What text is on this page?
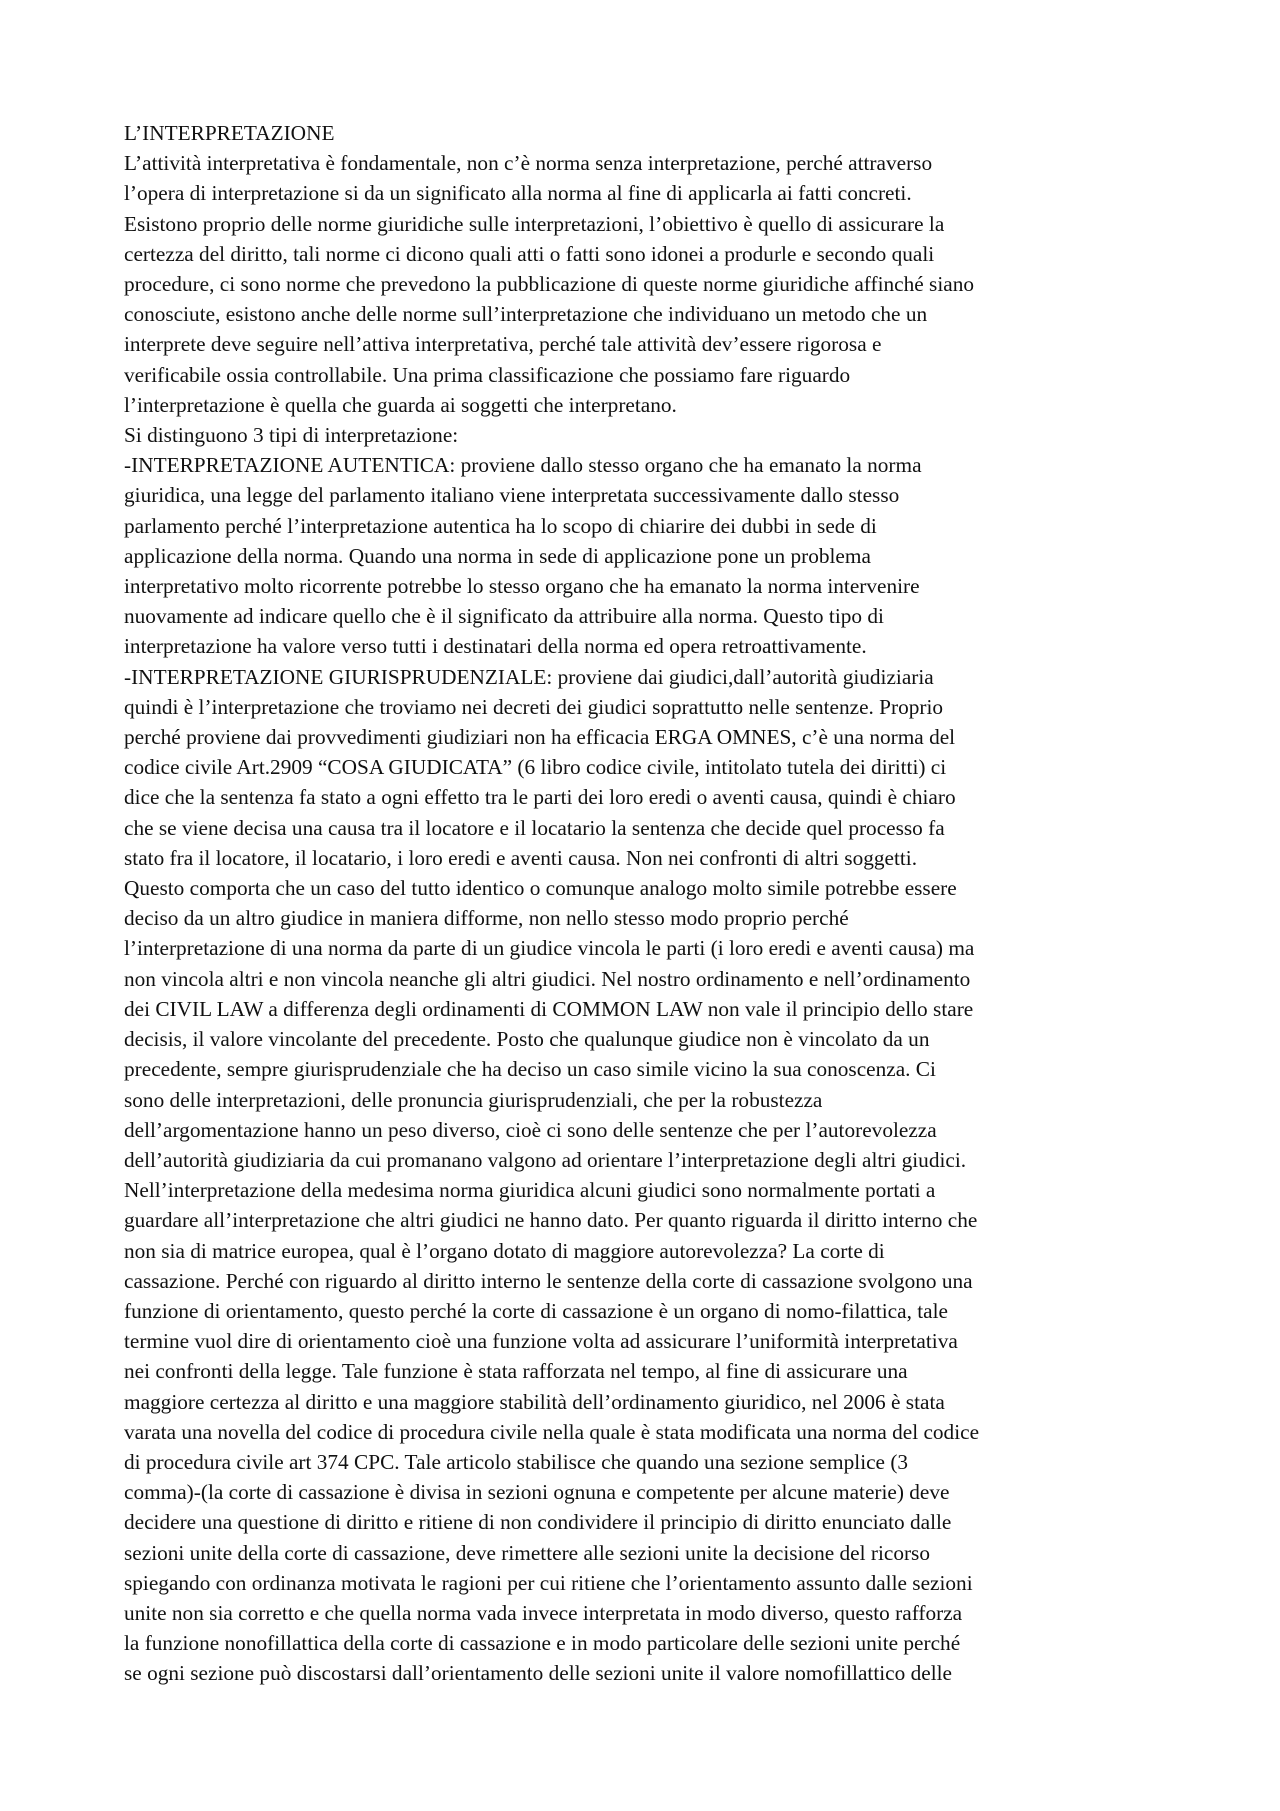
L’INTERPRETAZIONE
L’attività interpretativa è fondamentale, non c’è norma senza interpretazione, perché attraverso
l’opera di interpretazione si da un significato alla norma al fine di applicarla ai fatti concreti.
Esistono proprio delle norme giuridiche sulle interpretazioni, l’obiettivo è quello di assicurare la
certezza del diritto, tali norme ci dicono quali atti o fatti sono idonei a produrle e secondo quali
procedure, ci sono norme che prevedono la pubblicazione di queste norme giuridiche affinché siano
conosciute, esistono anche delle norme sull’interpretazione che individuano un metodo che un
interprete deve seguire nell’attiva interpretativa, perché tale attività dev’essere rigorosa e
verificabile ossia controllabile. Una prima classificazione che possiamo fare riguardo
l’interpretazione è quella che guarda ai soggetti che interpretano.
Si distinguono 3 tipi di interpretazione:
-INTERPRETAZIONE AUTENTICA: proviene dallo stesso organo che ha emanato la norma
giuridica, una legge del parlamento italiano viene interpretata successivamente dallo stesso
parlamento perché l’interpretazione autentica ha lo scopo di chiarire dei dubbi in sede di
applicazione della norma. Quando una norma in sede di applicazione pone un problema
interpretativo molto ricorrente potrebbe lo stesso organo che ha emanato la norma intervenire
nuovamente ad indicare quello che è il significato da attribuire alla norma. Questo tipo di
interpretazione ha valore verso tutti i destinatari della norma ed opera retroattivamente.
-INTERPRETAZIONE GIURISPRUDENZIALE: proviene dai giudici,dall’autorità giudiziaria
quindi è l’interpretazione che troviamo nei decreti dei giudici soprattutto nelle sentenze. Proprio
perché proviene dai provvedimenti giudiziari non ha efficacia ERGA OMNES, c’è una norma del
codice civile Art.2909 “COSA GIUDICATA” (6 libro codice civile, intitolato tutela dei diritti) ci
dice che la sentenza fa stato a ogni effetto tra le parti dei loro eredi o aventi causa, quindi è chiaro
che se viene decisa una causa tra il locatore e il locatario la sentenza che decide quel processo fa
stato fra il locatore, il locatario, i loro eredi e aventi causa. Non nei confronti di altri soggetti.
Questo comporta che un caso del tutto identico o comunque analogo molto simile potrebbe essere
deciso da un altro giudice in maniera difforme, non nello stesso modo proprio perché
l’interpretazione di una norma da parte di un giudice vincola le parti (i loro eredi e aventi causa) ma
non vincola altri e non vincola neanche gli altri giudici. Nel nostro ordinamento e nell’ordinamento
dei CIVIL LAW a differenza degli ordinamenti di COMMON LAW non vale il principio dello stare
decisis, il valore vincolante del precedente. Posto che qualunque giudice non è vincolato da un
precedente, sempre giurisprudenziale che ha deciso un caso simile vicino la sua conoscenza. Ci
sono delle interpretazioni, delle pronuncia giurisprudenziali, che per la robustezza
dell’argomentazione hanno un peso diverso, cioè ci sono delle sentenze che per l’autorevolezza
dell’autorità giudiziaria da cui promanano valgono ad orientare l’interpretazione degli altri giudici.
Nell’interpretazione della medesima norma giuridica alcuni giudici sono normalmente portati a
guardare all’interpretazione che altri giudici ne hanno dato. Per quanto riguarda il diritto interno che
non sia di matrice europea, qual è l’organo dotato di maggiore autorevolezza? La corte di
cassazione. Perché con riguardo al diritto interno le sentenze della corte di cassazione svolgono una
funzione di orientamento, questo perché la corte di cassazione è un organo di nomo-filattica, tale
termine vuol dire di orientamento cioè una funzione volta ad assicurare l’uniformità interpretativa
nei confronti della legge. Tale funzione è stata rafforzata nel tempo, al fine di assicurare una
maggiore certezza al diritto e una maggiore stabilità dell’ordinamento giuridico, nel 2006 è stata
varata una novella del codice di procedura civile nella quale è stata modificata una norma del codice
di procedura civile art 374 CPC. Tale articolo stabilisce che quando una sezione semplice (3
comma)-(la corte di cassazione è divisa in sezioni ognuna e competente per alcune materie) deve
decidere una questione di diritto e ritiene di non condividere il principio di diritto enunciato dalle
sezioni unite della corte di cassazione, deve rimettere alle sezioni unite la decisione del ricorso
spiegando con ordinanza motivata le ragioni per cui ritiene che l’orientamento assunto dalle sezioni
unite non sia corretto e che quella norma vada invece interpretata in modo diverso, questo rafforza
la funzione nonofillattica della corte di cassazione e in modo particolare delle sezioni unite perché
se ogni sezione può discostarsi dall’orientamento delle sezioni unite il valore nomofillattico delle
